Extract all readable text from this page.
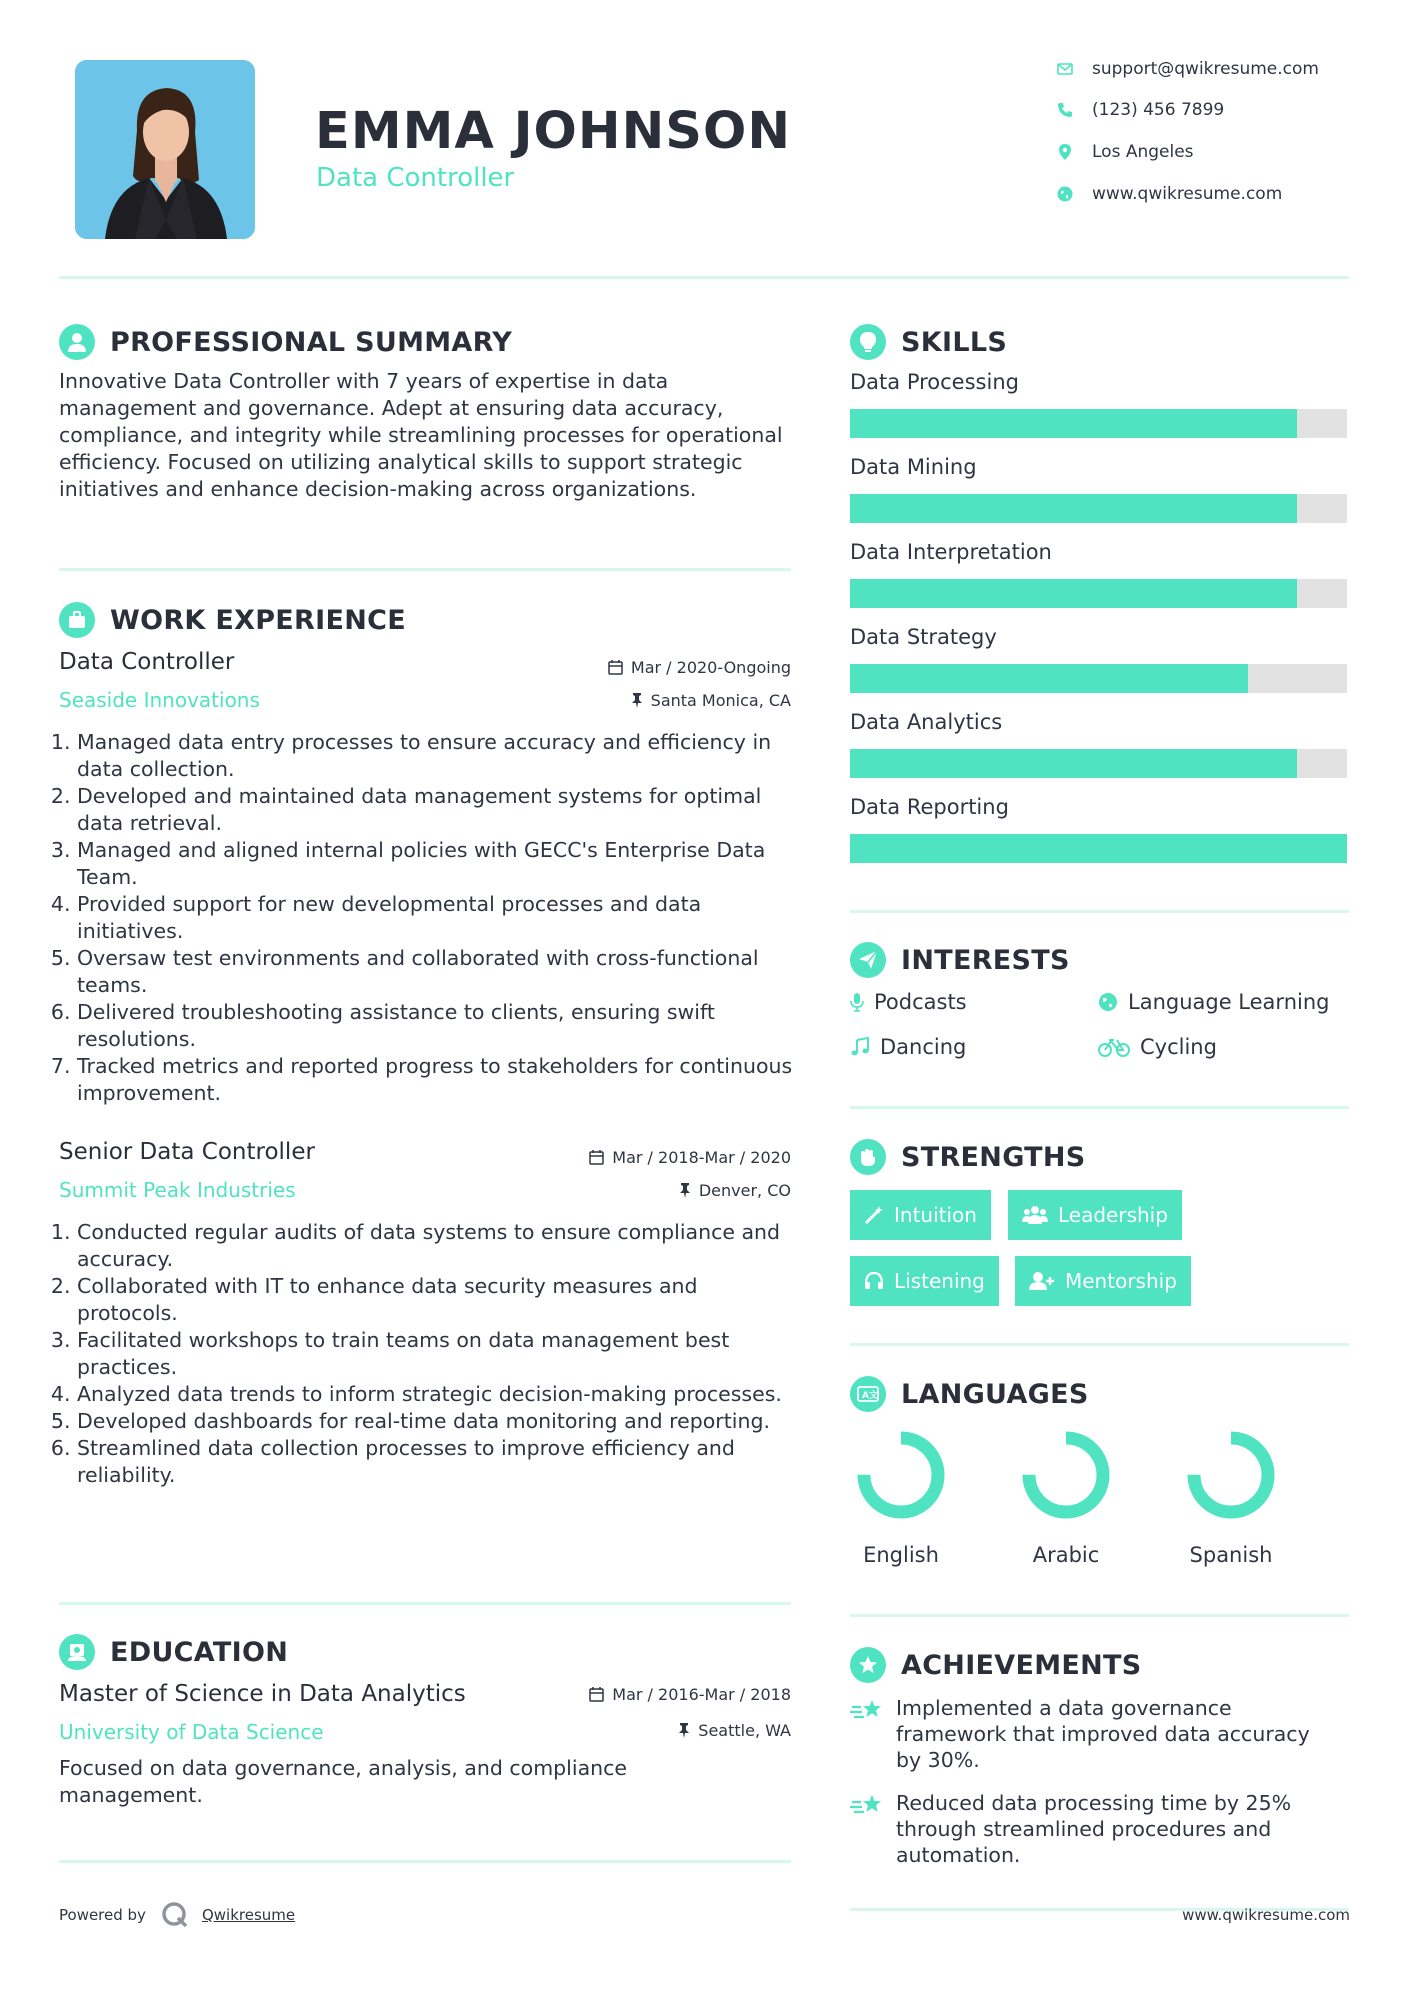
EMMA JOHNSON
Data Controller
support@qwikresume.com
(123) 456 7899
Los Angeles
www.qwikresume.com
PROFESSIONAL SUMMARY
Innovative Data Controller with 7 years of expertise in data management and governance. Adept at ensuring data accuracy, compliance, and integrity while streamlining processes for operational efficiency. Focused on utilizing analytical skills to support strategic initiatives and enhance decision-making across organizations.
WORK EXPERIENCE
Data Controller	Mar / 2020-Ongoing
Seaside Innovations	Santa Monica, CA
1. Managed data entry processes to ensure accuracy and efficiency in data collection.
2. Developed and maintained data management systems for optimal data retrieval.
3. Managed and aligned internal policies with GECC's Enterprise Data Team.
4. Provided support for new developmental processes and data initiatives.
5. Oversaw test environments and collaborated with cross-functional teams.
6. Delivered troubleshooting assistance to clients, ensuring swift resolutions.
7. Tracked metrics and reported progress to stakeholders for continuous improvement.
Senior Data Controller	Mar / 2018-Mar / 2020
Summit Peak Industries	Denver, CO
1. Conducted regular audits of data systems to ensure compliance and accuracy.
2. Collaborated with IT to enhance data security measures and protocols.
3. Facilitated workshops to train teams on data management best practices.
4. Analyzed data trends to inform strategic decision-making processes.
5. Developed dashboards for real-time data monitoring and reporting.
6. Streamlined data collection processes to improve efficiency and reliability.
EDUCATION
Master of Science in Data Analytics	Mar / 2016-Mar / 2018
University of Data Science	Seattle, WA
Focused on data governance, analysis, and compliance management.
Powered by	Qwikresume
SKILLS
Data Processing
Data Mining
Data Interpretation
Data Strategy
Data Analytics
Data Reporting
INTERESTS
Podcasts	Language Learning
Dancing	Cycling
STRENGTHS
Intuition	Leadership
Listening	Mentorship
A 文 LANGUAGES
English	Arabic	Spanish
ACHIEVEMENTS
Implemented a data governance framework that improved data accuracy by 30%.
Reduced data processing time by 25% through streamlined procedures and automation.
www.qwikresume.com
